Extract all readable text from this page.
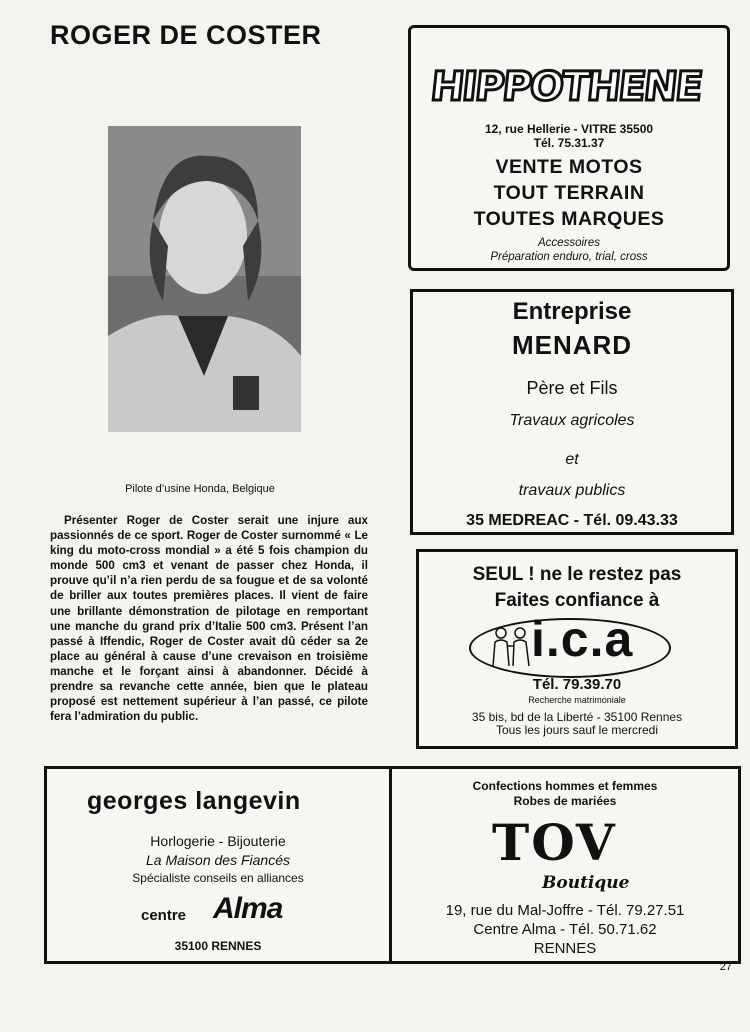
ROGER DE COSTER
Pilote d’usine Honda, Belgique

Présenter Roger de Coster serait une injure aux passionnés de ce sport. Roger de Coster surnommé « Le king du moto-cross mondial » a été 5 fois champion du monde 500 cm3 et venant de passer chez Honda, il prouve qu’il n’a rien perdu de sa fougue et de sa volonté de briller aux toutes premières places. Il vient de faire une brillante démonstration de pilotage en remportant une manche du grand prix d’Italie 500 cm3. Présent l’an passé à Iffendic, Roger de Coster avait dû céder sa 2e place au général à cause d’une crevaison en troisième manche et le forçant ainsi à abandonner. Décidé à prendre sa revanche cette année, bien que le plateau proposé est nettement supérieur à l’an passé, ce pilote fera l’admiration du public.

HIPPOTHENE
12, rue Hellerie - VITRE 35500
Tél. 75.31.37
VENTE MOTOS
TOUT TERRAIN
TOUTES MARQUES
Accessoires
Préparation enduro, trial, cross
Entreprise
MENARD
Père et Fils
Travaux agricoles
et
travaux publics
35 MEDREAC - Tél. 09.43.33
SEUL ! ne le restez pas
Faites confiance à
i.c.a
Tél. 79.39.70
Recherche matrimoniale
35 bis, bd de la Liberté - 35100 Rennes
Tous les jours sauf le mercredi
georges langevin
Horlogerie - Bijouterie
La Maison des Fiancés
Spécialiste conseils en alliances
centre Alma
35100 RENNES
Confections hommes et femmes
Robes de mariées
TOV
Boutique
19, rue du Mal-Joffre - Tél. 79.27.51
Centre Alma - Tél. 50.71.62
RENNES
27
